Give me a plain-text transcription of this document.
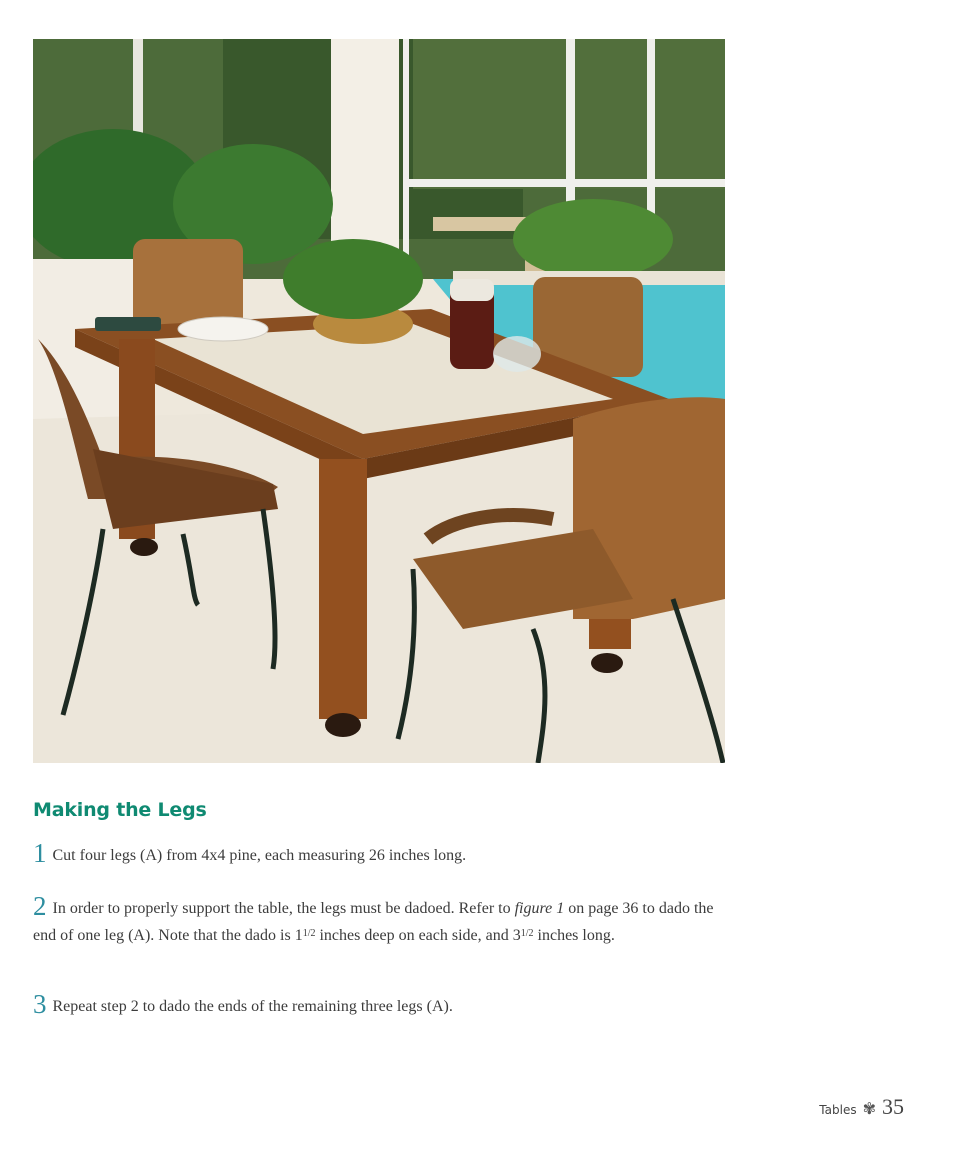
Making the Legs

1 Cut four legs (A) from 4x4 pine, each measuring 26 inches long.

2 In order to properly support the table, the legs must be dadoed. Refer to figure 1 on page 36 to dado the end of one leg (A). Note that the dado is $1^{1/2}$ inches deep on each side, and $3^{1/2}$ inches long.

3 Repeat step 2 to dado the ends of the remaining three legs (A).

Tables ✾ 35
